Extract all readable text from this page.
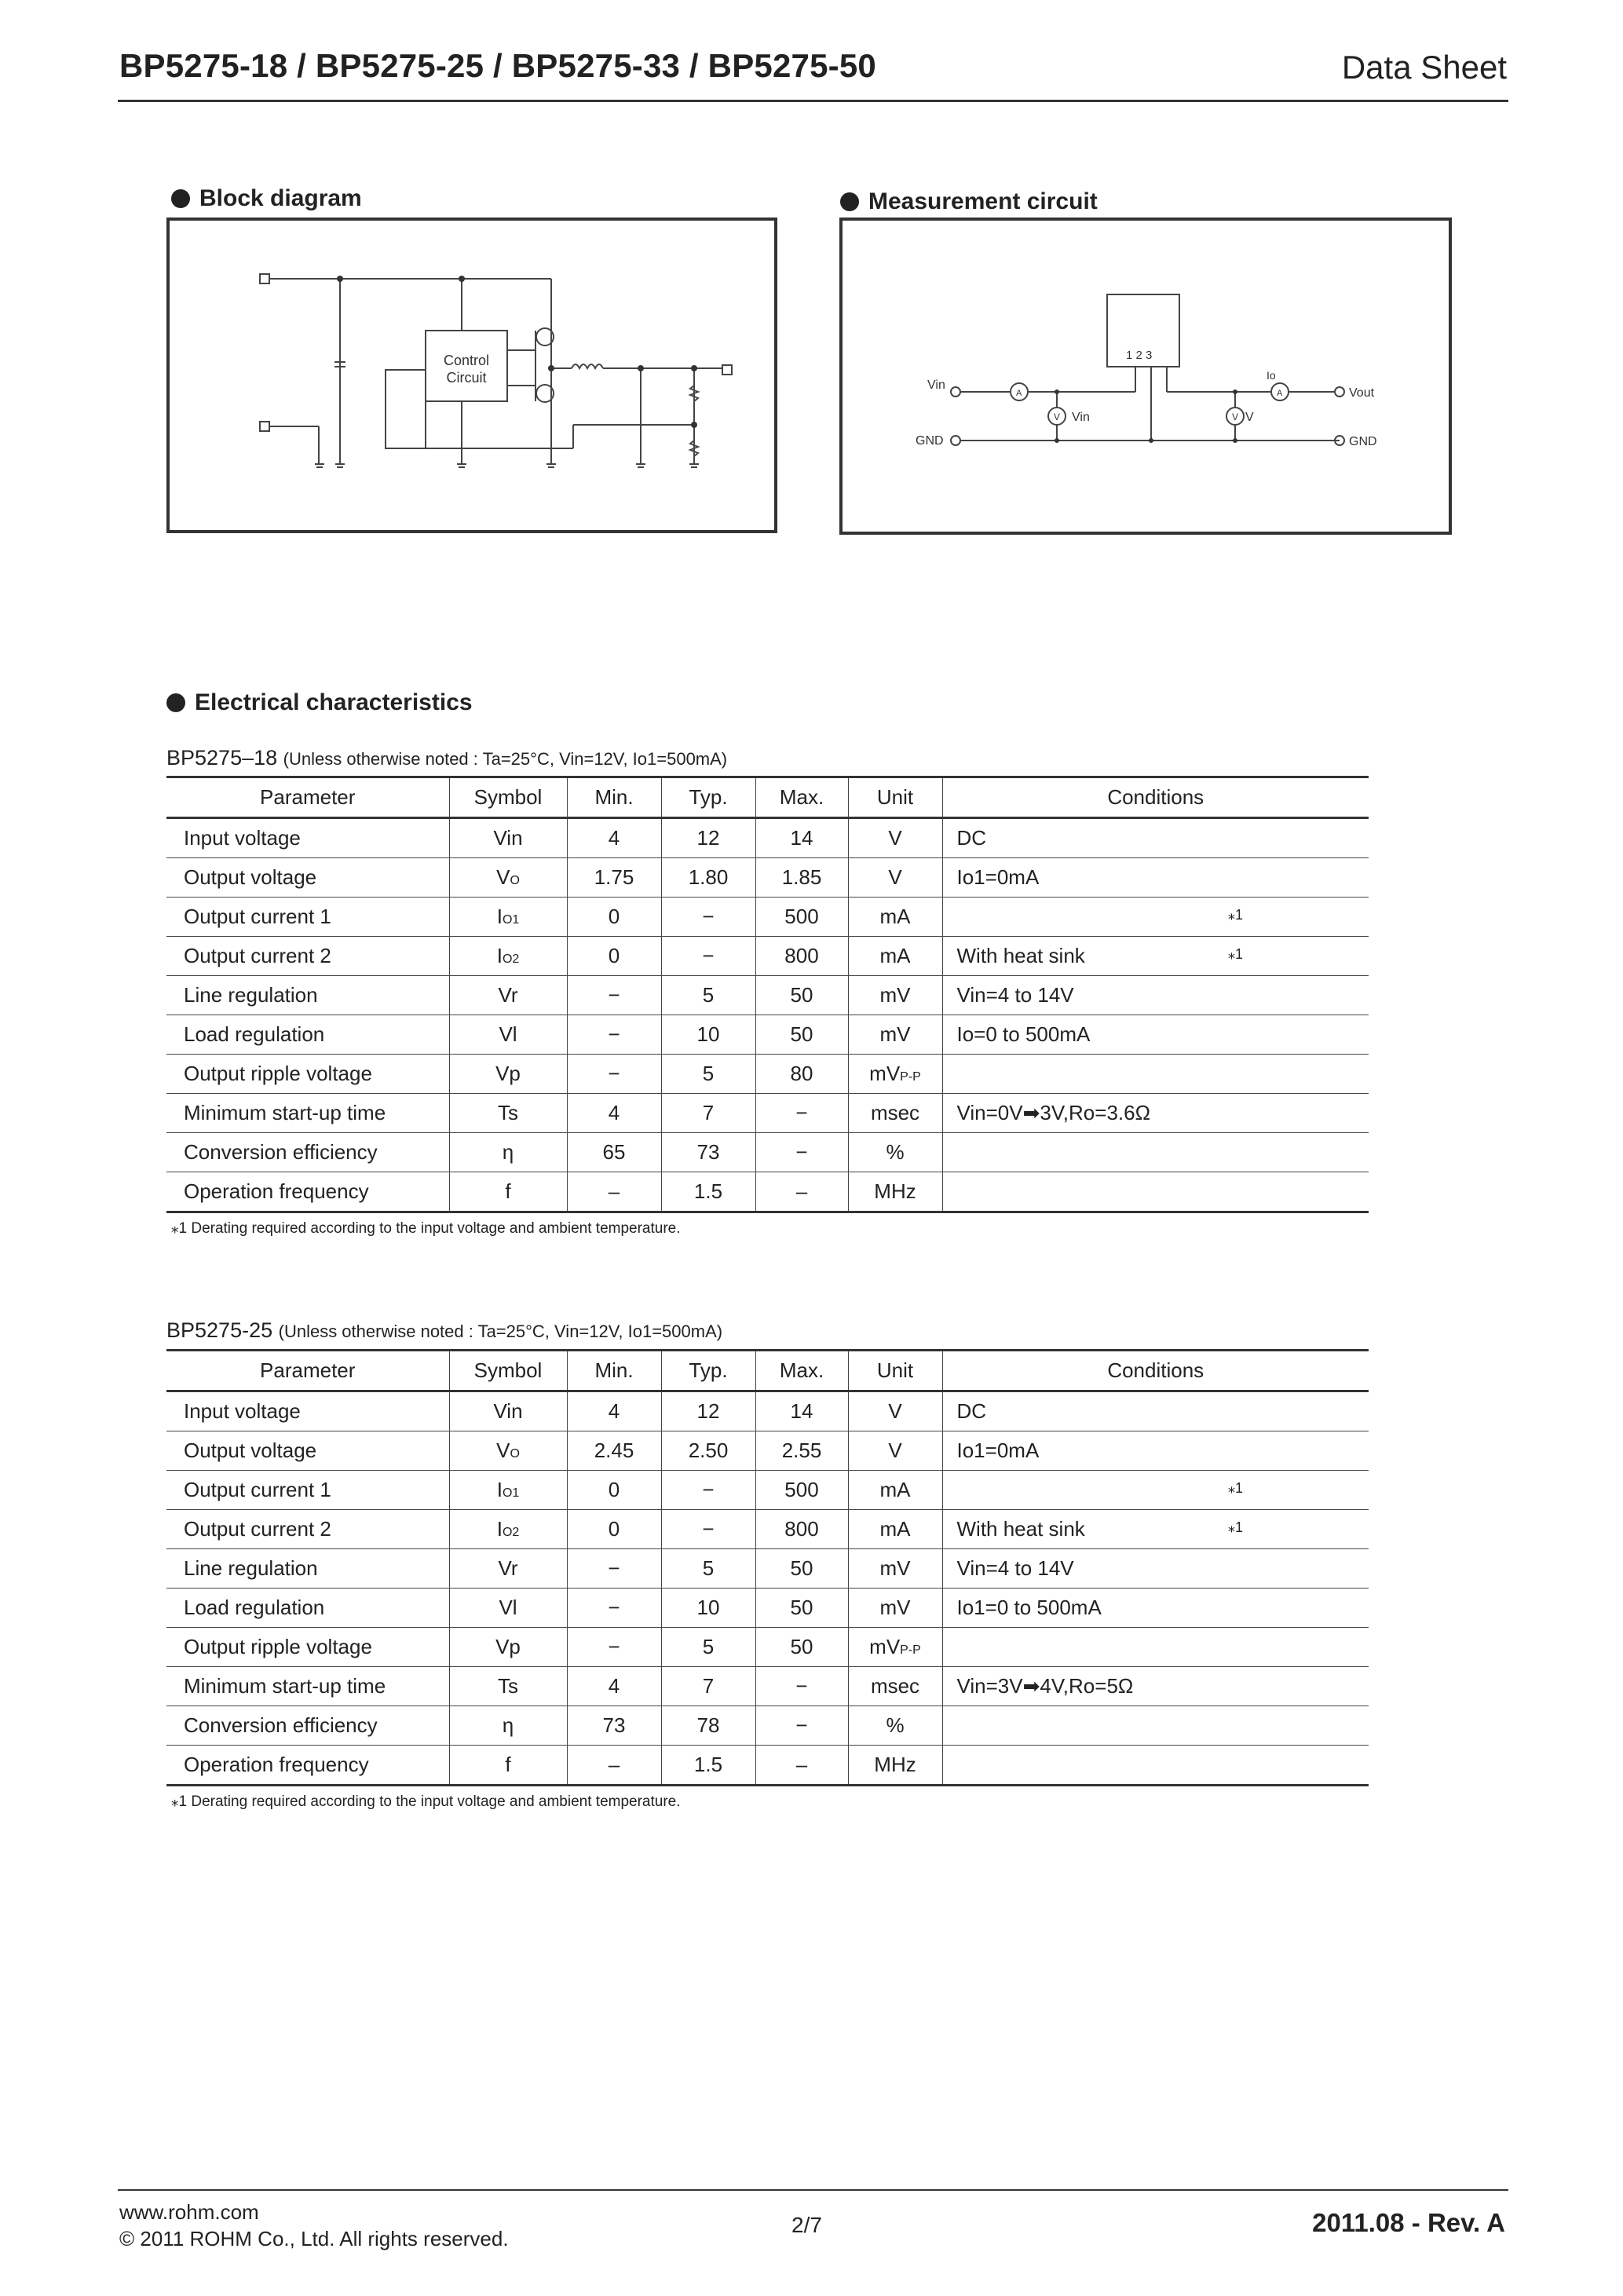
BP5275-18 / BP5275-25 / BP5275-33 / BP5275-50	Data Sheet
Block diagram
Control
Circuit
Measurement circuit
1 2 3
Vin
GND
A
V Vin
Io
A
V V
Vout
GND
Electrical characteristics
BP5275–18 (Unless otherwise noted : Ta=25°C, Vin=12V, Io1=500mA)
Parameter	Symbol	Min.	Typ.	Max.	Unit	Conditions
Input voltage	Vin	4	12	14	V	DC

Output voltage	VO	1.75	1.80	1.85	V	Io1=0mA

Output current 1	IO1	0	−	500	mA	⁎1

Output current 2	IO2	0	−	800	mA	With heat sink ⁎1

Line regulation	Vr	−	5	50	mV	Vin=4 to 14V

Load regulation	Vl	−	10	50	mV	Io=0 to 500mA

Output ripple voltage	Vp	−	5	80	mVP-P	

Minimum start-up time	Ts	4	7	−	msec	Vin=0V➡3V,Ro=3.6Ω

Conversion efficiency	η	65	73	−	%	

Operation frequency	f	–	1.5	–	MHz	
⁎1 Derating required according to the input voltage and ambient temperature.
BP5275-25 (Unless otherwise noted : Ta=25°C, Vin=12V, Io1=500mA)
Parameter	Symbol	Min.	Typ.	Max.	Unit	Conditions
Input voltage	Vin	4	12	14	V	DC

Output voltage	VO	2.45	2.50	2.55	V	Io1=0mA

Output current 1	IO1	0	−	500	mA	⁎1

Output current 2	IO2	0	−	800	mA	With heat sink ⁎1

Line regulation	Vr	−	5	50	mV	Vin=4 to 14V

Load regulation	Vl	−	10	50	mV	Io1=0 to 500mA

Output ripple voltage	Vp	−	5	50	mVP-P	

Minimum start-up time	Ts	4	7	−	msec	Vin=3V➡4V,Ro=5Ω

Conversion efficiency	η	73	78	−	%	

Operation frequency	f	–	1.5	–	MHz	
⁎1 Derating required according to the input voltage and ambient temperature.
www.rohm.com
© 2011 ROHM Co., Ltd. All rights reserved.
2/7	2011.08 - Rev. A
